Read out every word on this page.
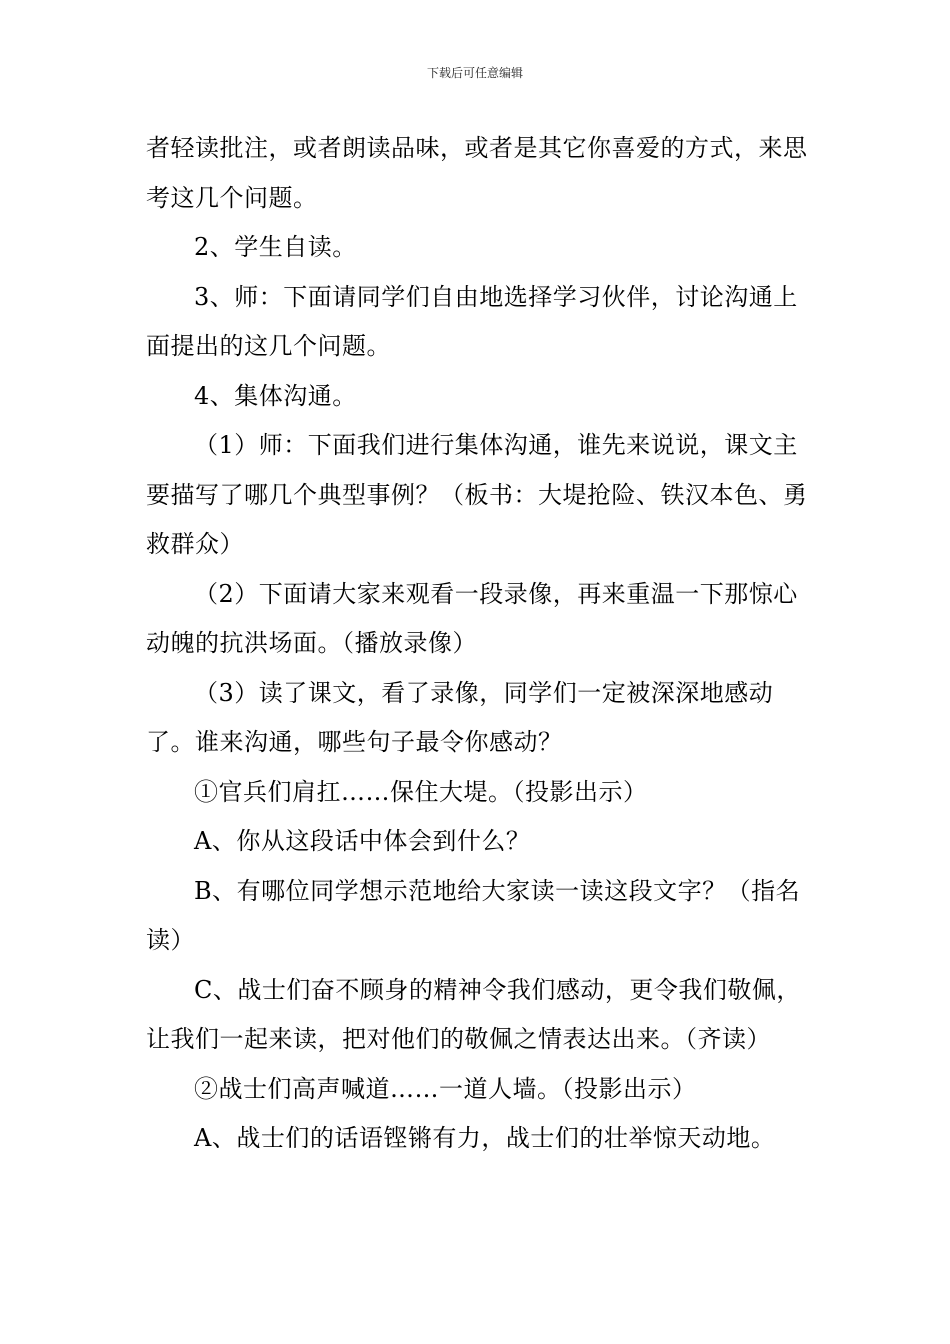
下载后可任意编辑

者轻读批注，或者朗读品味，或者是其它你喜爱的方式，来思考这几个问题。

2、学生自读。

3、师：下面请同学们自由地选择学习伙伴，讨论沟通上面提出的这几个问题。

4、集体沟通。

（1）师：下面我们进行集体沟通，谁先来说说，课文主要描写了哪几个典型事例？（板书：大堤抢险、铁汉本色、勇救群众）

（2）下面请大家来观看一段录像，再来重温一下那惊心动魄的抗洪场面。（播放录像）

（3）读了课文，看了录像，同学们一定被深深地感动了。谁来沟通，哪些句子最令你感动？

①官兵们肩扛……保住大堤。（投影出示）

A、你从这段话中体会到什么？

B、有哪位同学想示范地给大家读一读这段文字？（指名读）

C、战士们奋不顾身的精神令我们感动，更令我们敬佩，让我们一起来读，把对他们的敬佩之情表达出来。（齐读）

②战士们高声喊道……一道人墙。（投影出示）

A、战士们的话语铿锵有力，战士们的壮举惊天动地。
